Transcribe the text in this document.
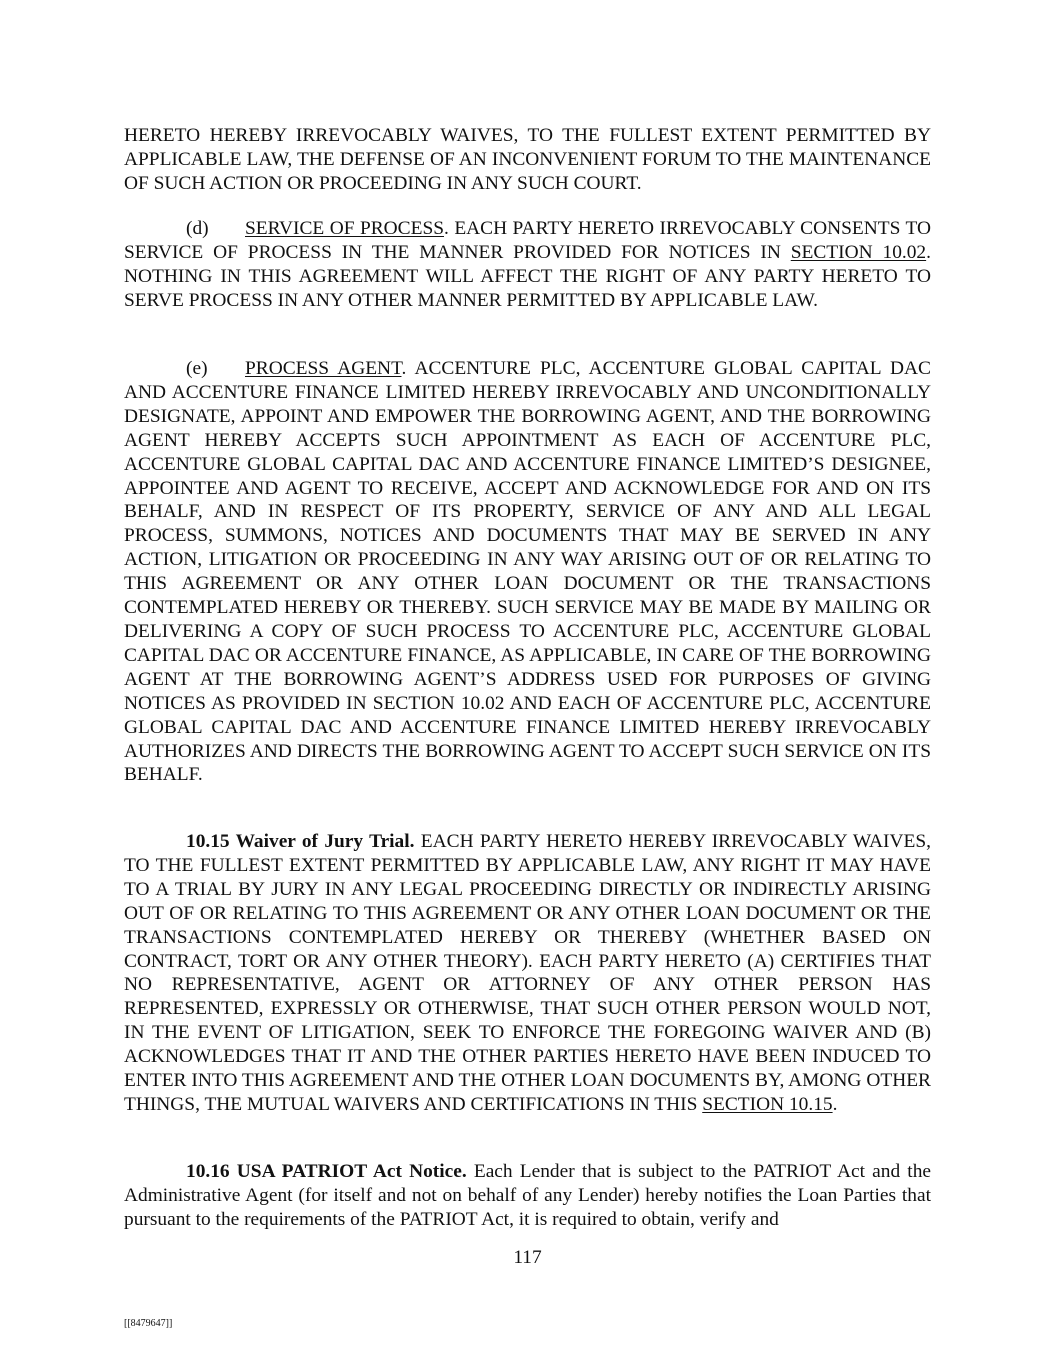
HERETO HEREBY IRREVOCABLY WAIVES, TO THE FULLEST EXTENT PERMITTED BY APPLICABLE LAW, THE DEFENSE OF AN INCONVENIENT FORUM TO THE MAINTENANCE OF SUCH ACTION OR PROCEEDING IN ANY SUCH COURT.

(d) SERVICE OF PROCESS. EACH PARTY HERETO IRREVOCABLY CONSENTS TO SERVICE OF PROCESS IN THE MANNER PROVIDED FOR NOTICES IN SECTION 10.02. NOTHING IN THIS AGREEMENT WILL AFFECT THE RIGHT OF ANY PARTY HERETO TO SERVE PROCESS IN ANY OTHER MANNER PERMITTED BY APPLICABLE LAW.

(e) PROCESS AGENT. ACCENTURE PLC, ACCENTURE GLOBAL CAPITAL DAC AND ACCENTURE FINANCE LIMITED HEREBY IRREVOCABLY AND UNCONDITIONALLY DESIGNATE, APPOINT AND EMPOWER THE BORROWING AGENT, AND THE BORROWING AGENT HEREBY ACCEPTS SUCH APPOINTMENT AS EACH OF ACCENTURE PLC, ACCENTURE GLOBAL CAPITAL DAC AND ACCENTURE FINANCE LIMITED’S DESIGNEE, APPOINTEE AND AGENT TO RECEIVE, ACCEPT AND ACKNOWLEDGE FOR AND ON ITS BEHALF, AND IN RESPECT OF ITS PROPERTY, SERVICE OF ANY AND ALL LEGAL PROCESS, SUMMONS, NOTICES AND DOCUMENTS THAT MAY BE SERVED IN ANY ACTION, LITIGATION OR PROCEEDING IN ANY WAY ARISING OUT OF OR RELATING TO THIS AGREEMENT OR ANY OTHER LOAN DOCUMENT OR THE TRANSACTIONS CONTEMPLATED HEREBY OR THEREBY. SUCH SERVICE MAY BE MADE BY MAILING OR DELIVERING A COPY OF SUCH PROCESS TO ACCENTURE PLC, ACCENTURE GLOBAL CAPITAL DAC OR ACCENTURE FINANCE, AS APPLICABLE, IN CARE OF THE BORROWING AGENT AT THE BORROWING AGENT’S ADDRESS USED FOR PURPOSES OF GIVING NOTICES AS PROVIDED IN SECTION 10.02 AND EACH OF ACCENTURE PLC, ACCENTURE GLOBAL CAPITAL DAC AND ACCENTURE FINANCE LIMITED HEREBY IRREVOCABLY AUTHORIZES AND DIRECTS THE BORROWING AGENT TO ACCEPT SUCH SERVICE ON ITS BEHALF.

10.15 Waiver of Jury Trial. EACH PARTY HERETO HEREBY IRREVOCABLY WAIVES, TO THE FULLEST EXTENT PERMITTED BY APPLICABLE LAW, ANY RIGHT IT MAY HAVE TO A TRIAL BY JURY IN ANY LEGAL PROCEEDING DIRECTLY OR INDIRECTLY ARISING OUT OF OR RELATING TO THIS AGREEMENT OR ANY OTHER LOAN DOCUMENT OR THE TRANSACTIONS CONTEMPLATED HEREBY OR THEREBY (WHETHER BASED ON CONTRACT, TORT OR ANY OTHER THEORY). EACH PARTY HERETO (A) CERTIFIES THAT NO REPRESENTATIVE, AGENT OR ATTORNEY OF ANY OTHER PERSON HAS REPRESENTED, EXPRESSLY OR OTHERWISE, THAT SUCH OTHER PERSON WOULD NOT, IN THE EVENT OF LITIGATION, SEEK TO ENFORCE THE FOREGOING WAIVER AND (B) ACKNOWLEDGES THAT IT AND THE OTHER PARTIES HERETO HAVE BEEN INDUCED TO ENTER INTO THIS AGREEMENT AND THE OTHER LOAN DOCUMENTS BY, AMONG OTHER THINGS, THE MUTUAL WAIVERS AND CERTIFICATIONS IN THIS SECTION 10.15.

10.16 USA PATRIOT Act Notice. Each Lender that is subject to the PATRIOT Act and the Administrative Agent (for itself and not on behalf of any Lender) hereby notifies the Loan Parties that pursuant to the requirements of the PATRIOT Act, it is required to obtain, verify and

117
[[8479647]]
